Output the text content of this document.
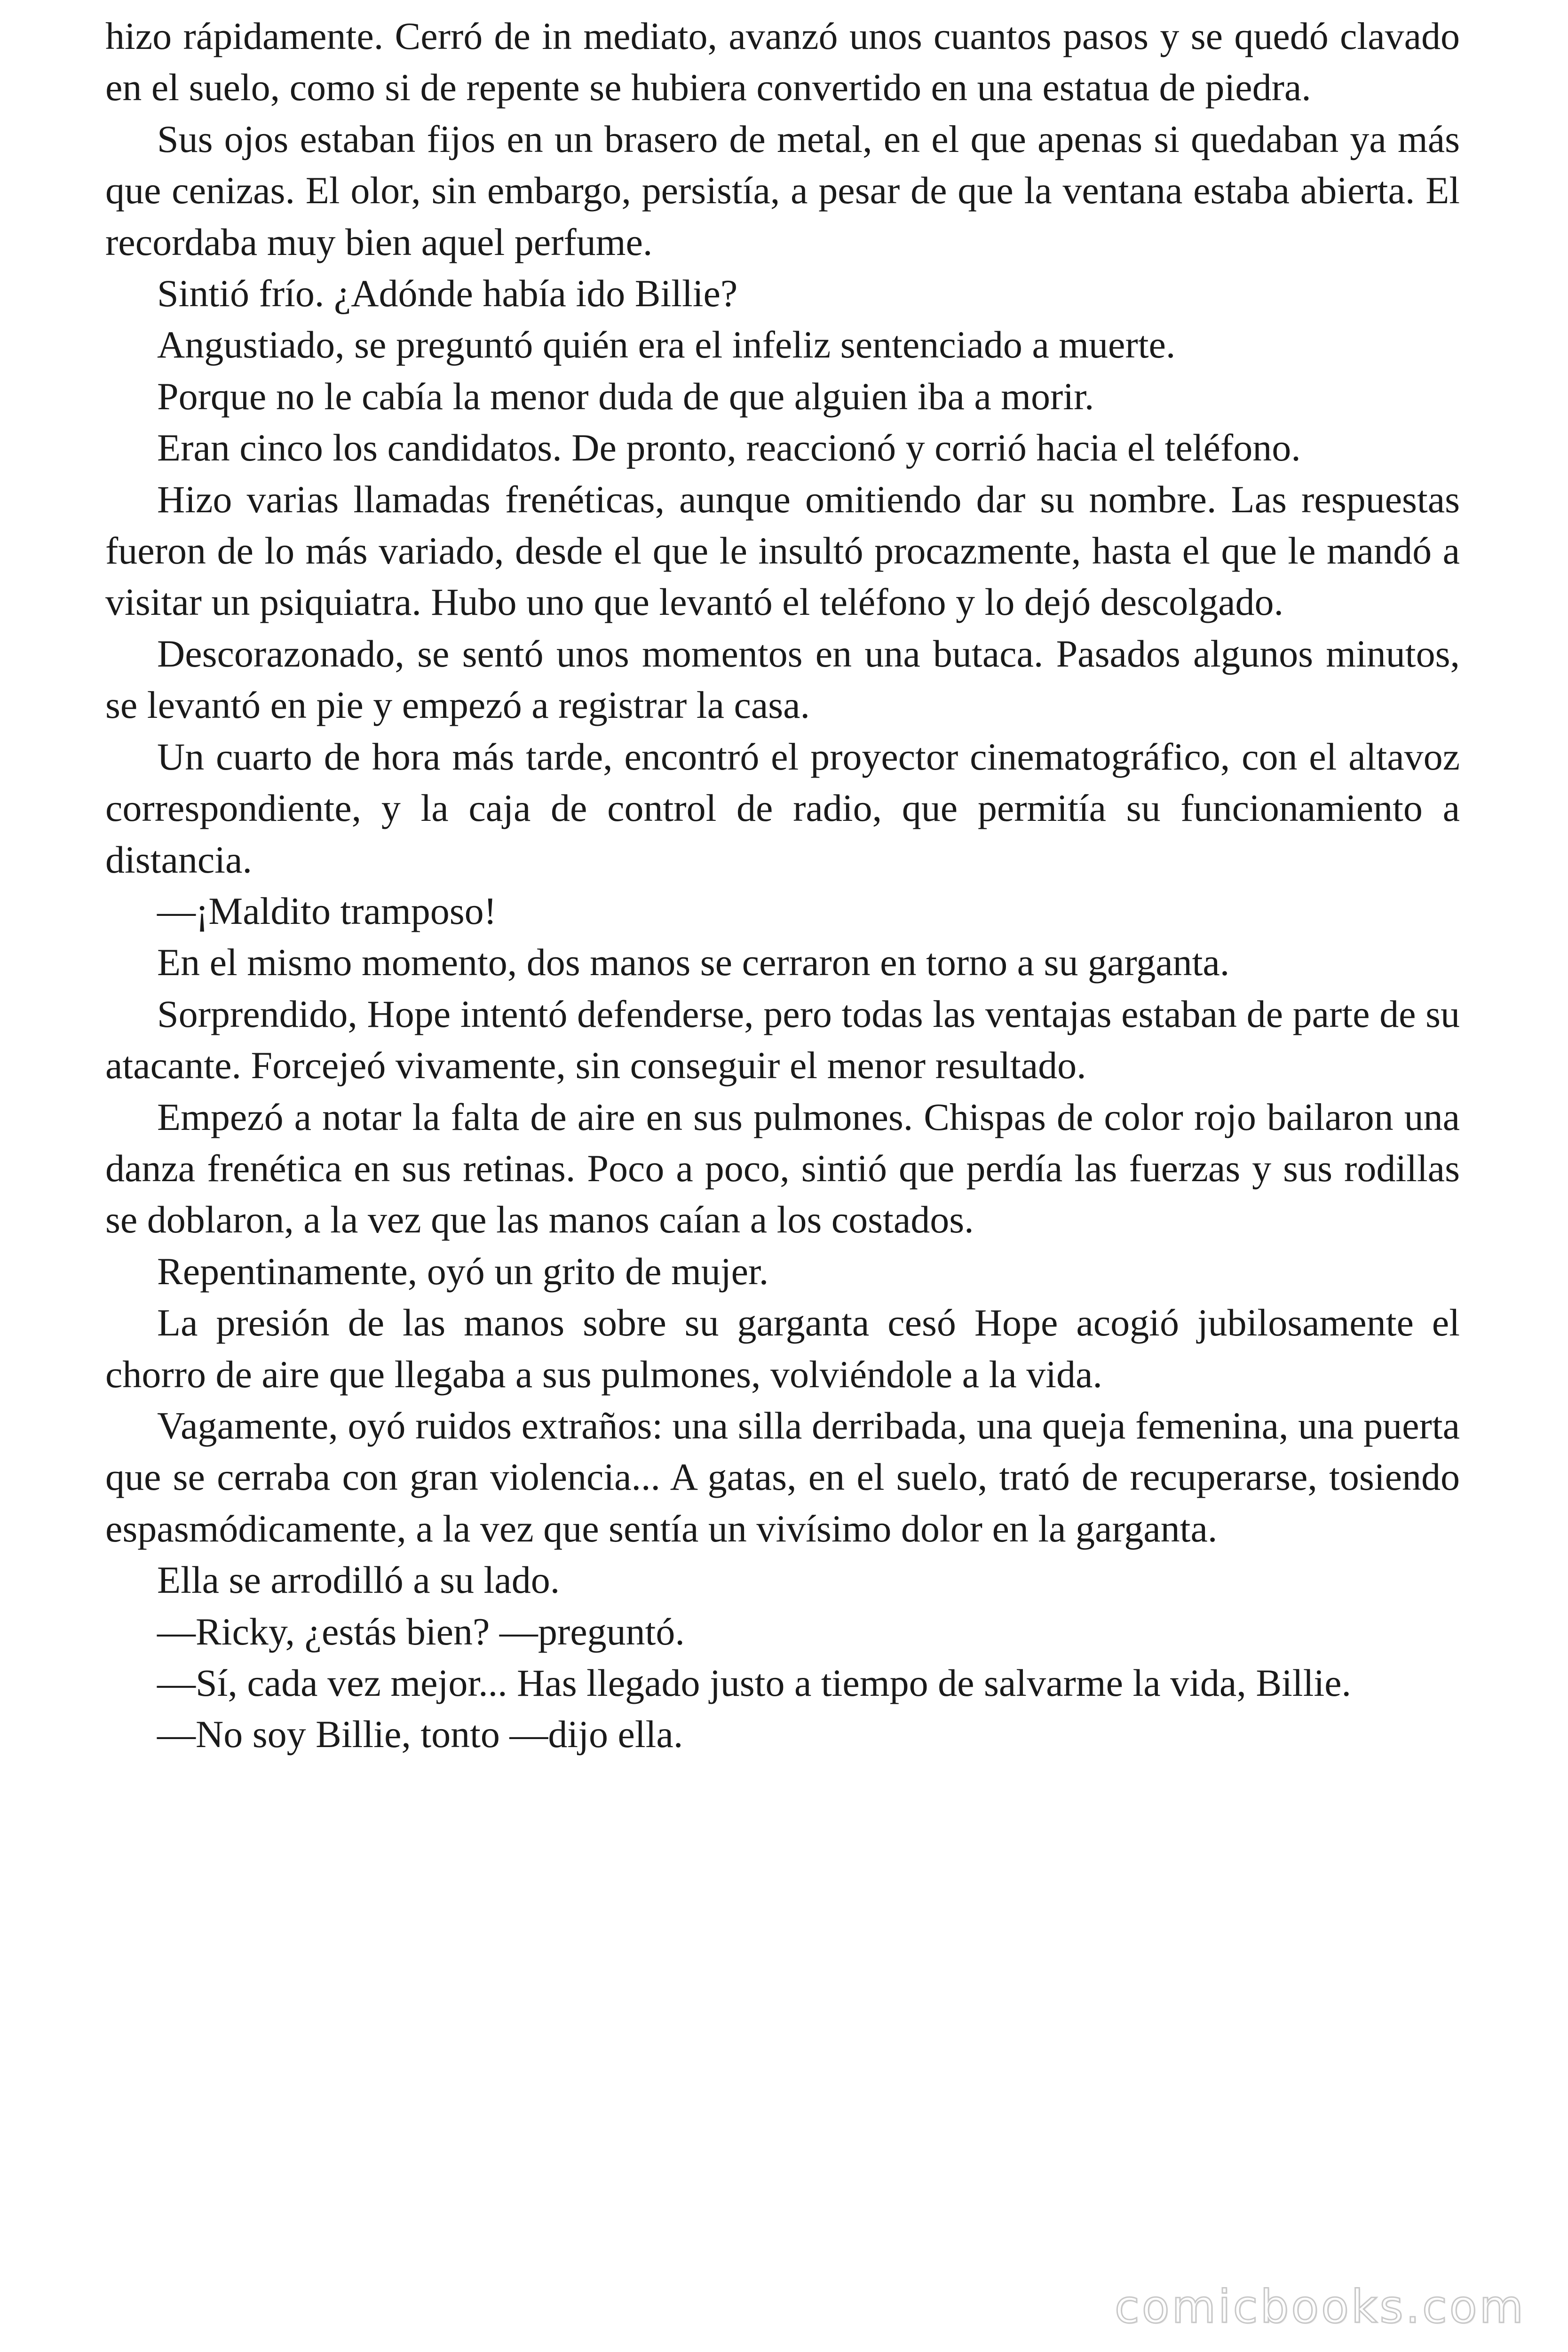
hizo rápidamente. Cerró de in mediato, avanzó unos cuantos pasos y se quedó clavado en el suelo, como si de repente se hubiera convertido en una estatua de piedra.

Sus ojos estaban fijos en un brasero de metal, en el que apenas si quedaban ya más que cenizas. El olor, sin embargo, persistía, a pesar de que la ventana estaba abierta. El recordaba muy bien aquel perfume.

Sintió frío. ¿Adónde había ido Billie?

Angustiado, se preguntó quién era el infeliz sentenciado a muerte.

Porque no le cabía la menor duda de que alguien iba a morir.

Eran cinco los candidatos. De pronto, reaccionó y corrió hacia el teléfono.

Hizo varias llamadas frenéticas, aunque omitiendo dar su nombre. Las respuestas fueron de lo más variado, desde el que le insultó procazmente, hasta el que le mandó a visitar un psiquiatra. Hubo uno que levantó el teléfono y lo dejó descolgado.

Descorazonado, se sentó unos momentos en una butaca. Pasados algunos minutos, se levantó en pie y empezó a registrar la casa.

Un cuarto de hora más tarde, encontró el proyector cinematográfico, con el altavoz correspondiente, y la caja de control de radio, que permitía su funcionamiento a distancia.

—¡Maldito tramposo!

En el mismo momento, dos manos se cerraron en torno a su garganta.

Sorprendido, Hope intentó defenderse, pero todas las ventajas estaban de parte de su atacante. Forcejeó vivamente, sin conseguir el menor resultado.

Empezó a notar la falta de aire en sus pulmones. Chispas de color rojo bailaron una danza frenética en sus retinas. Poco a poco, sintió que perdía las fuerzas y sus rodillas se doblaron, a la vez que las manos caían a los costados.

Repentinamente, oyó un grito de mujer.

La presión de las manos sobre su garganta cesó Hope acogió jubilosamente el chorro de aire que llegaba a sus pulmones, volviéndole a la vida.

Vagamente, oyó ruidos extraños: una silla derribada, una queja femenina, una puerta que se cerraba con gran violencia... A gatas, en el suelo, trató de recuperarse, tosiendo espasmódicamente, a la vez que sentía un vivísimo dolor en la garganta.

Ella se arrodilló a su lado.

—Ricky, ¿estás bien? —preguntó.

—Sí, cada vez mejor... Has llegado justo a tiempo de salvarme la vida, Billie.

—No soy Billie, tonto —dijo ella.

comicbooks.com
